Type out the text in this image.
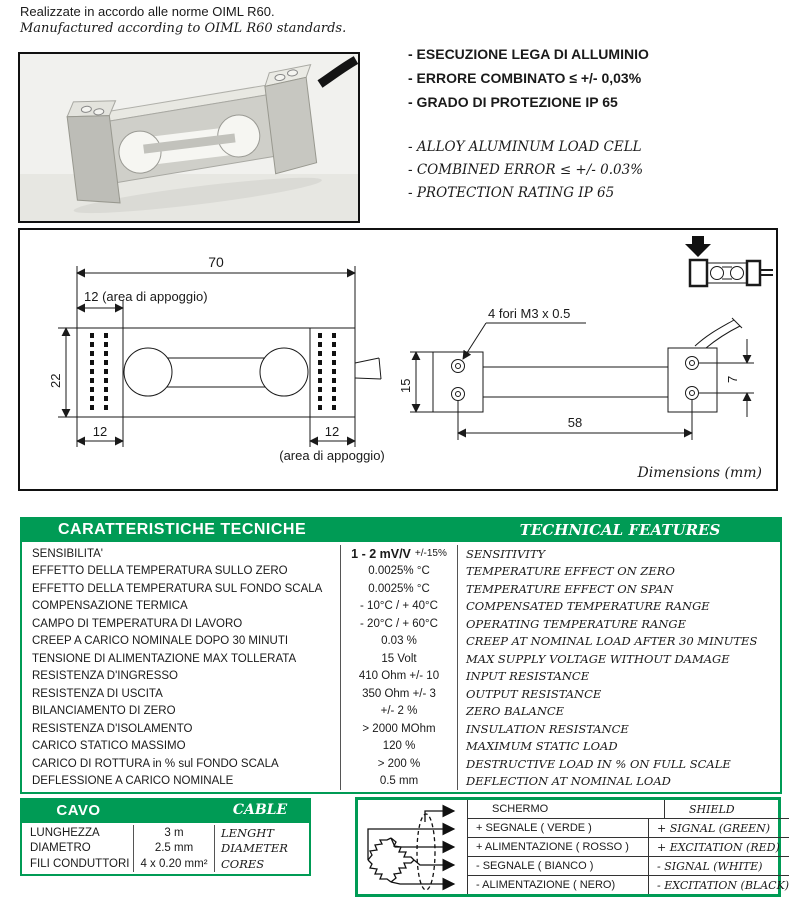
Realizzate in accordo alle norme OIML R60.
Manufactured according to OIML R60 standards.
- ESECUZIONE LEGA DI ALLUMINIO
- ERRORE COMBINATO ≤ +/- 0,03%
- GRADO DI PROTEZIONE IP 65
- ALLOY ALUMINUM LOAD CELL
- COMBINED ERROR ≤ +/- 0.03%
- PROTECTION RATING IP 65
70
12 (area di appoggio)
22
12	12
(area di appoggio)
4 fori M3 x 0.5
15	7
58
Dimensions (mm)
CARATTERISTICHE TECNICHE	TECHNICAL FEATURES
SENSIBILITA'	1 - 2 mV/V +/-15%	SENSITIVITY
EFFETTO DELLA TEMPERATURA SULLO ZERO	0.0025% °C	TEMPERATURE EFFECT ON ZERO
EFFETTO DELLA TEMPERATURA SUL FONDO SCALA	0.0025% °C	TEMPERATURE EFFECT ON SPAN
COMPENSAZIONE TERMICA	- 10°C / + 40°C	COMPENSATED TEMPERATURE RANGE
CAMPO DI TEMPERATURA DI LAVORO	- 20°C / + 60°C	OPERATING TEMPERATURE RANGE
CREEP A CARICO NOMINALE DOPO 30 MINUTI	0.03 %	CREEP AT NOMINAL LOAD AFTER 30 MINUTES
TENSIONE DI ALIMENTAZIONE MAX TOLLERATA	15 Volt	MAX SUPPLY VOLTAGE WITHOUT DAMAGE
RESISTENZA D'INGRESSO	410 Ohm +/- 10	INPUT RESISTANCE
RESISTENZA DI USCITA	350 Ohm +/- 3	OUTPUT RESISTANCE
BILANCIAMENTO DI ZERO	+/- 2 %	ZERO BALANCE
RESISTENZA D'ISOLAMENTO	> 2000 MOhm	INSULATION RESISTANCE
CARICO STATICO MASSIMO	120 %	MAXIMUM STATIC LOAD
CARICO DI ROTTURA in % sul FONDO SCALA	> 200 %	DESTRUCTIVE LOAD IN % ON FULL SCALE
DEFLESSIONE A CARICO NOMINALE	0.5 mm	DEFLECTION AT NOMINAL LOAD
CAVO	CABLE
LUNGHEZZA	3 m	LENGHT
DIAMETRO	2.5 mm	DIAMETER
FILI CONDUTTORI 4 x 0.20 mm²	CORES
SCHERMO	SHIELD
+ SEGNALE ( VERDE )	+ SIGNAL (GREEN)
+ ALIMENTAZIONE ( ROSSO )	+ EXCITATION (RED)
- SEGNALE ( BIANCO )	- SIGNAL (WHITE)
- ALIMENTAZIONE ( NERO)	- EXCITATION (BLACK)
